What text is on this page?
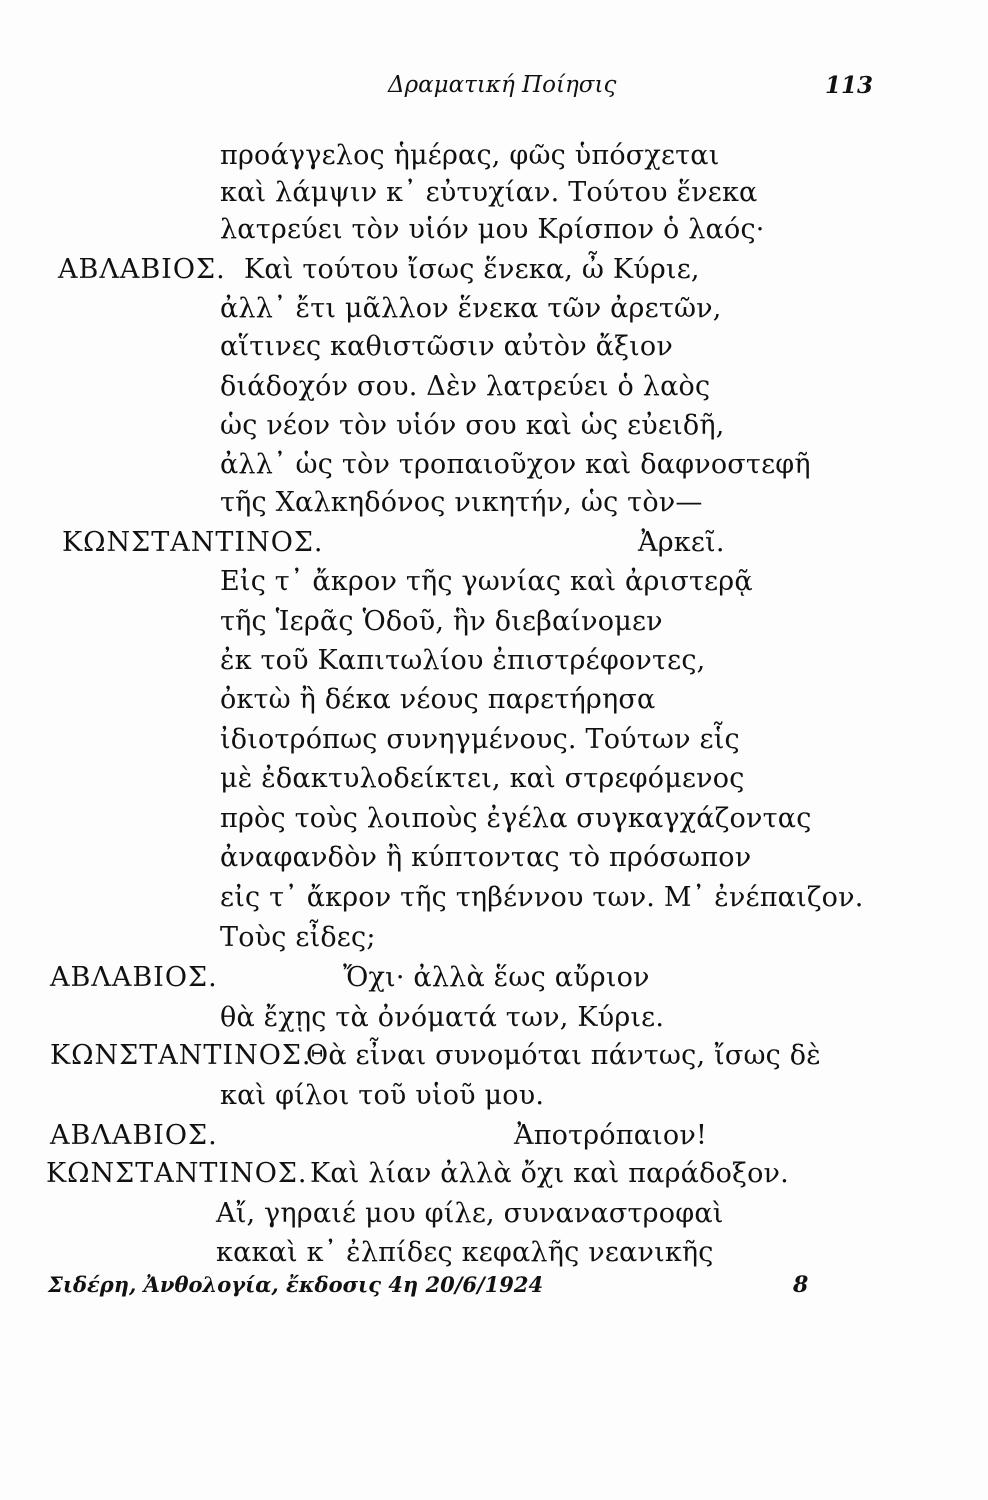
Δραματική Ποίησις	113
προάγγελος ἡμέρας, φῶς ὑπόσχεται
καὶ λάμψιν κ᾽ εὐτυχίαν. Τούτου ἕνεκα
λατρεύει τὸν υἱόν μου Κρίσπον ὁ λαός·
ΑΒΛΑΒΙΟΣ. Καὶ τούτου ἴσως ἕνεκα, ὦ Κύριε,
ἀλλ᾽ ἔτι μᾶλλον ἕνεκα τῶν ἀρετῶν,
αἵτινες καθιστῶσιν αὐτὸν ἄξιον
διάδοχόν σου. Δὲν λατρεύει ὁ λαὸς
ὡς νέον τὸν υἱόν σου καὶ ὡς εὐειδῆ,
ἀλλ᾽ ὡς τὸν τροπαιοῦχον καὶ δαφνοστεφῆ
τῆς Χαλκηδόνος νικητήν, ὡς τὸν—
ΚΩΝΣΤΑΝΤΙΝΟΣ.	Ἀρκεῖ.
Εἰς τ᾽ ἄκρον τῆς γωνίας καὶ ἀριστερᾷ
τῆς Ἱερᾶς Ὁδοῦ, ἣν διεβαίνομεν
ἐκ τοῦ Καπιτωλίου ἐπιστρέφοντες,
ὀκτὼ ἢ δέκα νέους παρετήρησα
ἰδιοτρόπως συνηγμένους. Τούτων εἷς
μὲ ἐδακτυλοδείκτει, καὶ στρεφόμενος
πρὸς τοὺς λοιποὺς ἐγέλα συγκαγχάζοντας
ἀναφανδὸν ἢ κύπτοντας τὸ πρόσωπον
εἰς τ᾽ ἄκρον τῆς τηβέννου των. Μ᾽ ἐνέπαιζον.
Τοὺς εἶδες;
ΑΒΛΑΒΙΟΣ.	Ὄχι· ἀλλὰ ἕως αὔριον
θὰ ἔχῃς τὰ ὀνόματά των, Κύριε.
ΚΩΝΣΤΑΝΤΙΝΟΣ.
Θὰ εἶναι συνομόται πάντως, ἴσως δὲ
καὶ φίλοι τοῦ υἱοῦ μου.
ΑΒΛΑΒΙΟΣ.	Ἀποτρόπαιον!
ΚΩΝΣΤΑΝΤΙΝΟΣ. Καὶ λίαν ἀλλὰ ὄχι καὶ παράδοξον.
Αἴ, γηραιέ μου φίλε, συναναστροφαὶ
κακαὶ κ᾽ ἐλπίδες κεφαλῆς νεανικῆς
Σιδέρη, Ἀνθολογία, ἔκδοσις 4η 20/6/1924	8
